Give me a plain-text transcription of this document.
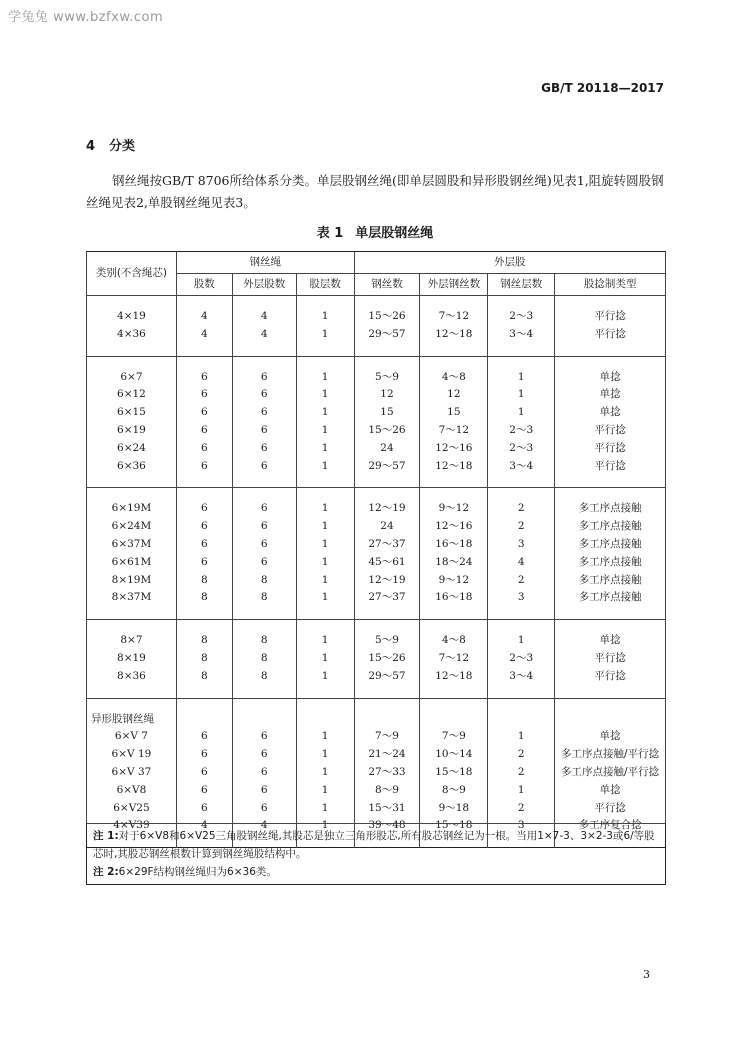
学兔兔 www.bzfxw.com
GB/T 20118—2017
4 分类
钢丝绳按GB/T 8706所给体系分类。单层股钢丝绳(即单层圆股和异形股钢丝绳)见表1,阻旋转圆股钢丝绳见表2,单股钢丝绳见表3。
表 1 单层股钢丝绳
类别(不含绳芯)	钢丝绳			外层股			
	股数	外层股数	股层数	钢丝数	外层钢丝数	钢丝层数	股捻制类型

4×19	4	4	1	15～26	7～12	2～3	平行捻
4×36	4	4	1	29～57	12～18	3～4	平行捻

6×7	6	6	1	5～9	4～8	1	单捻
6×12	6	6	1	12	12	1	单捻
6×15	6	6	1	15	15	1	单捻
6×19	6	6	1	15～26	7～12	2～3	平行捻
6×24	6	6	1	24	12～16	2～3	平行捻
6×36	6	6	1	29～57	12～18	3～4	平行捻

6×19M	6	6	1	12～19	9～12	2	多工序点接触
6×24M	6	6	1	24	12～16	2	多工序点接触
6×37M	6	6	1	27～37	16～18	3	多工序点接触
6×61M	6	6	1	45～61	18～24	4	多工序点接触
8×19M	8	8	1	12～19	9～12	2	多工序点接触
8×37M	8	8	1	27～37	16～18	3	多工序点接触

8×7	8	8	1	5～9	4～8	1	单捻
8×19	8	8	1	15～26	7～12	2～3	平行捻
8×36	8	8	1	29～57	12～18	3～4	平行捻

异形股钢丝绳							
6×V 7	6	6	1	7～9	7～9	1	单捻
6×V 19	6	6	1	21～24	10～14	2	多工序点接触/平行捻
6×V 37	6	6	1	27～33	15～18	2	多工序点接触/平行捻
6×V8	6	6	1	8～9	8～9	1	单捻
6×V25	6	6	1	15～31	9～18	2	平行捻
4×V39	4	4	1	39～48	15～18	3	多工序复合捻

注 1:对于6×V8和6×V25三角股钢丝绳,其股芯是独立三角形股芯,所有股芯钢丝记为一根。当用1×7-3、3×2-3或6/等股芯时,其股芯钢丝根数计算到钢丝绳股结构中。

注 2:6×29F结构钢丝绳归为6×36类。

3
